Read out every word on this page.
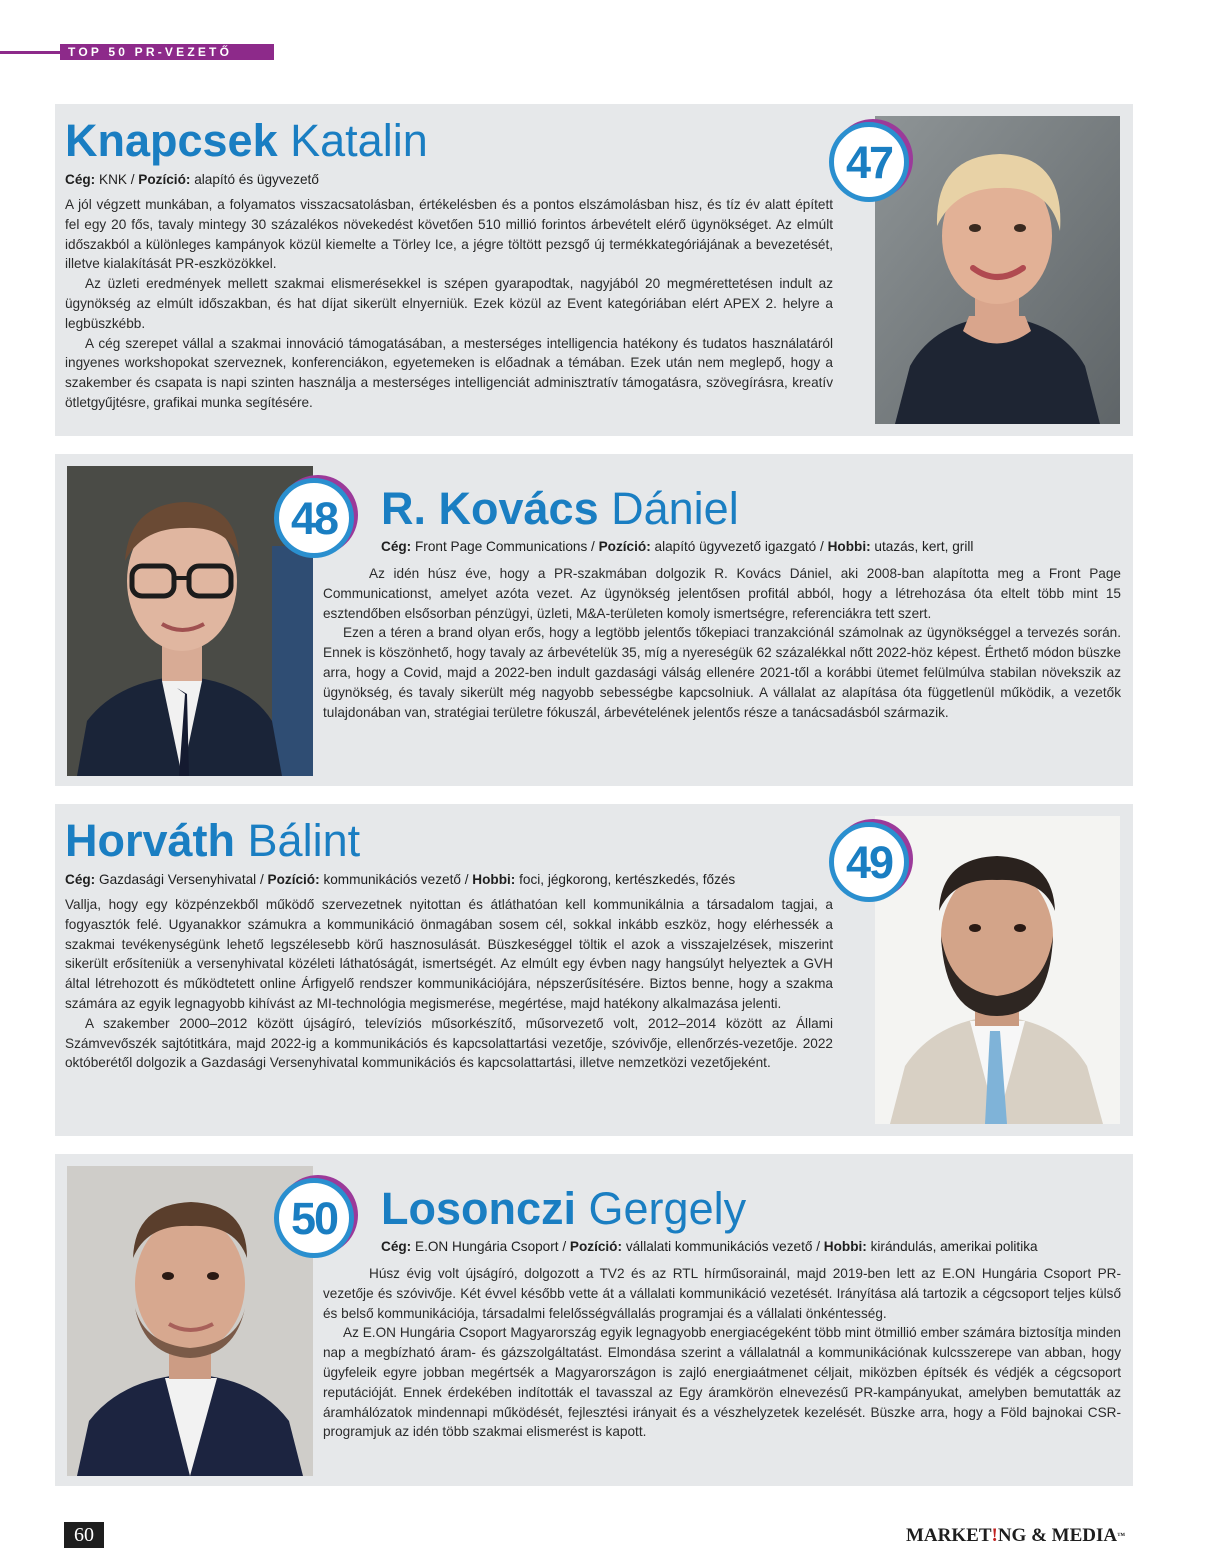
TOP 50 PR-VEZETŐ
47
Knapcsek Katalin
Cég: KNK / Pozíció: alapító és ügyvezető

A jól végzett munkában, a folyamatos visszacsatolásban, értékelésben és a pontos elszámolásban hisz, és tíz év alatt épített fel egy 20 fős, tavaly mintegy 30 százalékos növekedést követően 510 millió forintos árbevételt elérő ügynökséget. Az elmúlt időszakból a különleges kampányok közül kiemelte a Törley Ice, a jégre töltött pezsgő új termékkategóriájának a bevezetését, illetve kialakítását PR-eszközökkel.

Az üzleti eredmények mellett szakmai elismerésekkel is szépen gyarapodtak, nagyjából 20 megmérettetésen indult az ügynökség az elmúlt időszakban, és hat díjat sikerült elnyerniük. Ezek közül az Event kategóriában elért APEX 2. helyre a legbüszkébb.

A cég szerepet vállal a szakmai innováció támogatásában, a mesterséges intelligencia hatékony és tudatos használatáról ingyenes workshopokat szerveznek, konferenciákon, egyetemeken is előadnak a témában. Ezek után nem meglepő, hogy a szakember és csapata is napi szinten használja a mesterséges intelligenciát adminisztratív támogatásra, szövegírásra, kreatív ötletgyűjtésre, grafikai munka segítésére.

48 R. Kovács Dániel
Cég: Front Page Communications / Pozíció: alapító ügyvezető igazgató / Hobbi: utazás, kert, grill

Az idén húsz éve, hogy a PR-szakmában dolgozik R. Kovács Dániel, aki 2008-ban alapította meg a Front Page Communicationst, amelyet azóta vezet. Az ügynökség jelentősen profitál abból, hogy a létrehozása óta eltelt több mint 15 esztendőben elsősorban pénzügyi, üzleti, M&A-területen komoly ismertségre, referenciákra tett szert.

Ezen a téren a brand olyan erős, hogy a legtöbb jelentős tőkepiaci tranzakciónál számolnak az ügynökséggel a tervezés során. Ennek is köszönhető, hogy tavaly az árbevételük 35, míg a nyereségük 62 százalékkal nőtt 2022-höz képest. Érthető módon büszke arra, hogy a Covid, majd a 2022-ben indult gazdasági válság ellenére 2021-től a korábbi ütemet felülmúlva stabilan növekszik az ügynökség, és tavaly sikerült még nagyobb sebességbe kapcsolniuk. A vállalat az alapítása óta függetlenül működik, a vezetők tulajdonában van, stratégiai területre fókuszál, árbevételének jelentős része a tanácsadásból származik.

49
Horváth Bálint
Cég: Gazdasági Versenyhivatal / Pozíció: kommunikációs vezető / Hobbi: foci, jégkorong, kertészkedés, főzés

Vallja, hogy egy közpénzekből működő szervezetnek nyitottan és átláthatóan kell kommunikálnia a társadalom tagjai, a fogyasztók felé. Ugyanakkor számukra a kommunikáció önmagában sosem cél, sokkal inkább eszköz, hogy elérhessék a szakmai tevékenységünk lehető legszélesebb körű hasznosulását. Büszkeséggel töltik el azok a visszajelzések, miszerint sikerült erősíteniük a versenyhivatal közéleti láthatóságát, ismertségét. Az elmúlt egy évben nagy hangsúlyt helyeztek a GVH által létrehozott és működtetett online Árfigyelő rendszer kommunikációjára, népszerűsítésére. Biztos benne, hogy a szakma számára az egyik legnagyobb kihívást az MI-technológia megismerése, megértése, majd hatékony alkalmazása jelenti.

A szakember 2000–2012 között újságíró, televíziós műsorkészítő, műsorvezető volt, 2012–2014 között az Állami Számvevőszék sajtótitkára, majd 2022-ig a kommunikációs és kapcsolattartási vezetője, szóvivője, ellenőrzés-vezetője. 2022 októberétől dolgozik a Gazdasági Versenyhivatal kommunikációs és kapcsolattartási, illetve nemzetközi vezetőjeként.

50 Losonczi Gergely
Cég: E.ON Hungária Csoport / Pozíció: vállalati kommunikációs vezető / Hobbi: kirándulás, amerikai politika

Húsz évig volt újságíró, dolgozott a TV2 és az RTL hírműsorainál, majd 2019-ben lett az E.ON Hungária Csoport PR-vezetője és szóvivője. Két évvel később vette át a vállalati kommunikáció vezetését. Irányítása alá tartozik a cégcsoport teljes külső és belső kommunikációja, társadalmi felelősségvállalás programjai és a vállalati önkéntesség.

Az E.ON Hungária Csoport Magyarország egyik legnagyobb energiacégeként több mint ötmillió ember számára biztosítja minden nap a megbízható áram- és gázszolgáltatást. Elmondása szerint a vállalatnál a kommunikációnak kulcsszerepe van abban, hogy ügyfeleik egyre jobban megértsék a Magyarországon is zajló energiaátmenet céljait, miközben építsék és védjék a cégcsoport reputációját. Ennek érdekében indították el tavasszal az Egy áramkörön elnevezésű PR-kampányukat, amelyben bemutatták az áramhálózatok mindennapi működését, fejlesztési irányait és a vészhelyzetek kezelését. Büszke arra, hogy a Föld bajnokai CSR-programjuk az idén több szakmai elismerést is kapott.

60	MARKET!NG & MEDIA™
